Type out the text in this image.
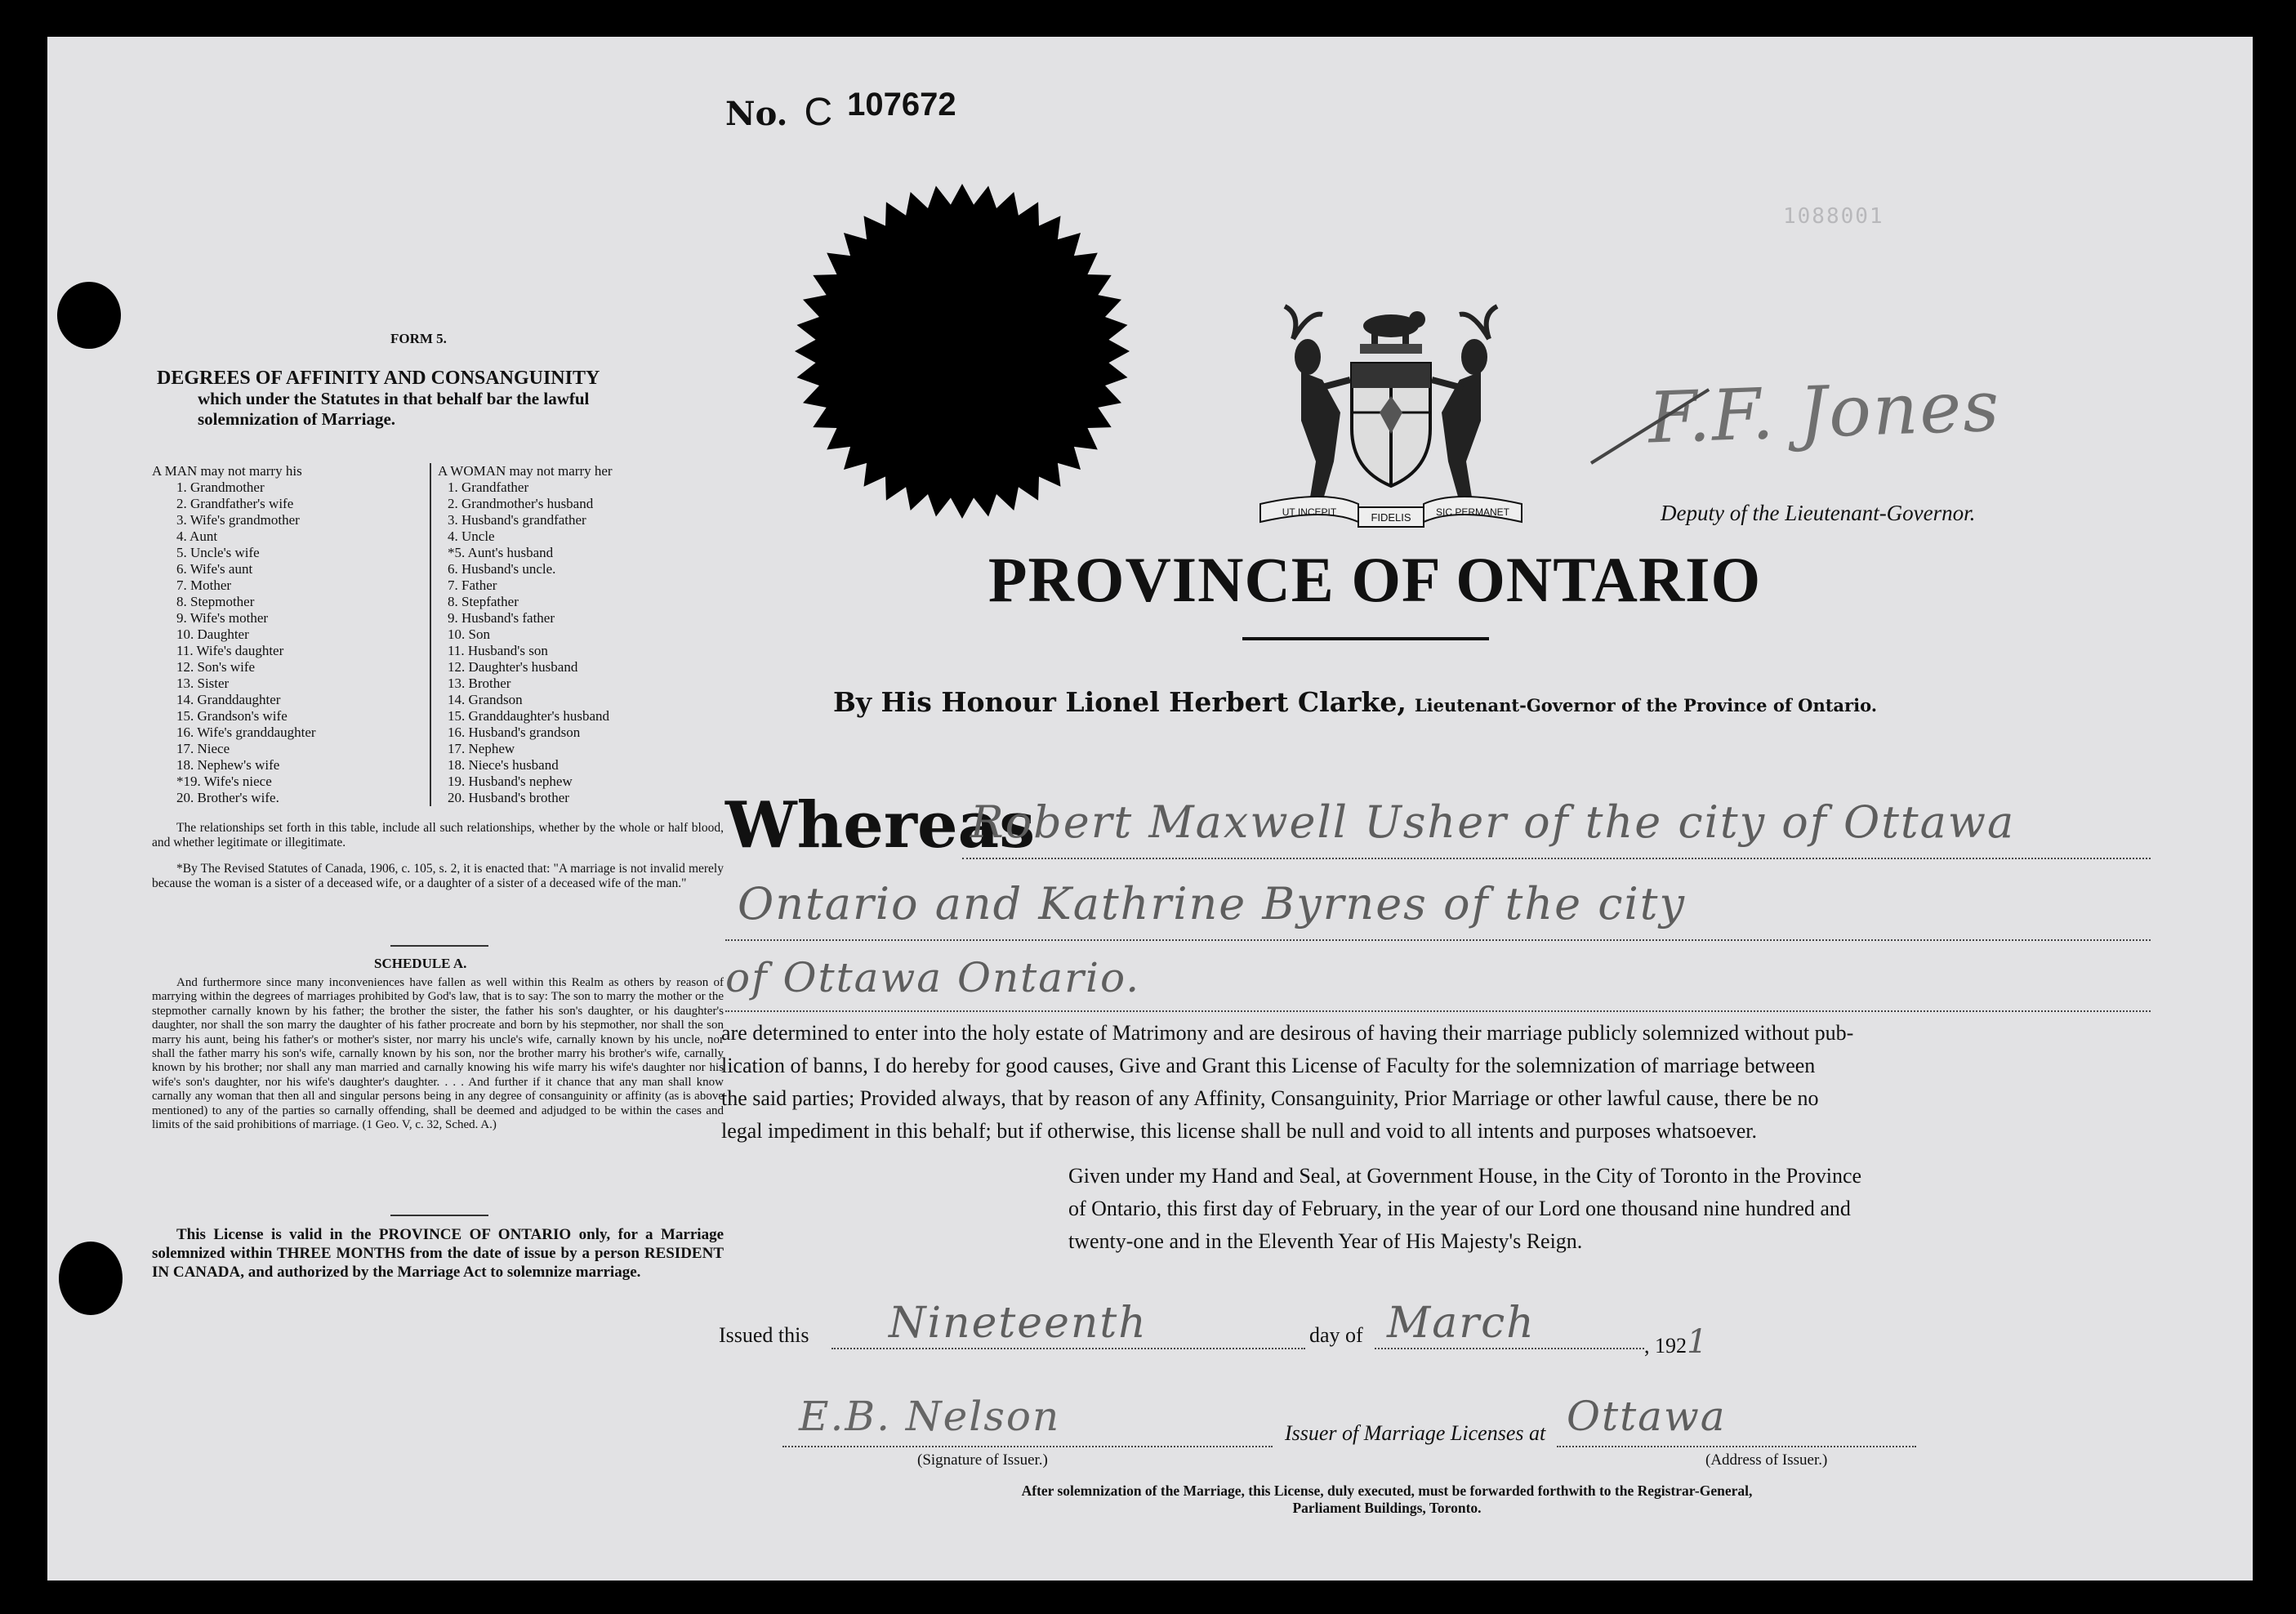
No. C 107672
1088001
UT INCEPIT	FIDELIS	SIC PERMANET
F.F. Jones
Deputy of the Lieutenant-Governor.
PROVINCE OF ONTARIO
By His Honour Lionel Herbert Clarke, Lieutenant-Governor of the Province of Ontario.
Whereas
Robert Maxwell Usher of the city of Ottawa
Ontario and Kathrine Byrnes of the city
of Ottawa Ontario.
are determined to enter into the holy estate of Matrimony and are desirous of having their marriage publicly solemnized without pub-
lication of banns, I do hereby for good causes, Give and Grant this License of Faculty for the solemnization of marriage between
the said parties; Provided always, that by reason of any Affinity, Consanguinity, Prior Marriage or other lawful cause, there be no
legal impediment in this behalf; but if otherwise, this license shall be null and void to all intents and purposes whatsoever.
Given under my Hand and Seal, at Government House, in the City of Toronto in the Province
of Ontario, this first day of February, in the year of our Lord one thousand nine hundred and
twenty-one and in the Eleventh Year of His Majesty's Reign.
Issued this Nineteenth	day of March	, 1921
E.B. Nelson
(Signature of Issuer.)
Issuer of Marriage Licenses at Ottawa
(Address of Issuer.)
After solemnization of the Marriage, this License, duly executed, must be forwarded forthwith to the Registrar-General,
Parliament Buildings, Toronto.
FORM 5.
DEGREES OF AFFINITY AND CONSANGUINITY
which under the Statutes in that behalf bar the lawful
solemnization of Marriage.
A MAN may not marry his
1. Grandmother
2. Grandfather's wife
3. Wife's grandmother
4. Aunt
5. Uncle's wife
6. Wife's aunt
7. Mother
8. Stepmother
9. Wife's mother
10. Daughter
11. Wife's daughter
12. Son's wife
13. Sister
14. Granddaughter
15. Grandson's wife
16. Wife's granddaughter
17. Niece
18. Nephew's wife
*19. Wife's niece
20. Brother's wife.
A WOMAN may not marry her
1. Grandfather
2. Grandmother's husband
3. Husband's grandfather
4. Uncle
*5. Aunt's husband
6. Husband's uncle.
7. Father
8. Stepfather
9. Husband's father
10. Son
11. Husband's son
12. Daughter's husband
13. Brother
14. Grandson
15. Granddaughter's husband
16. Husband's grandson
17. Nephew
18. Niece's husband
19. Husband's nephew
20. Husband's brother
The relationships set forth in this table, include all such relationships, whether by the whole or half blood, and whether legitimate or illegitimate.
*By The Revised Statutes of Canada, 1906, c. 105, s. 2, it is enacted that: "A marriage is not invalid merely because the woman is a sister of a deceased wife, or a daughter of a sister of a deceased wife of the man."
SCHEDULE A.
And furthermore since many inconveniences have fallen as well within this Realm as others by reason of marrying within the degrees of marriages prohibited by God's law, that is to say: The son to marry the mother or the stepmother carnally known by his father; the brother the sister, the father his son's daughter, or his daughter's daughter, nor shall the son marry the daughter of his father procreate and born by his stepmother, nor shall the son marry his aunt, being his father's or mother's sister, nor marry his uncle's wife, carnally known by his uncle, nor shall the father marry his son's wife, carnally known by his son, nor the brother marry his brother's wife, carnally known by his brother; nor shall any man married and carnally knowing his wife marry his wife's daughter nor his wife's son's daughter, nor his wife's daughter's daughter. . . . And further if it chance that any man shall know carnally any woman that then all and singular persons being in any degree of consanguinity or affinity (as is above mentioned) to any of the parties so carnally offending, shall be deemed and adjudged to be within the cases and limits of the said prohibitions of marriage. (1 Geo. V, c. 32, Sched. A.)
This License is valid in the PROVINCE OF ONTARIO only, for a Marriage solemnized within THREE MONTHS from the date of issue by a person RESIDENT IN CANADA, and authorized by the Marriage Act to solemnize marriage.
